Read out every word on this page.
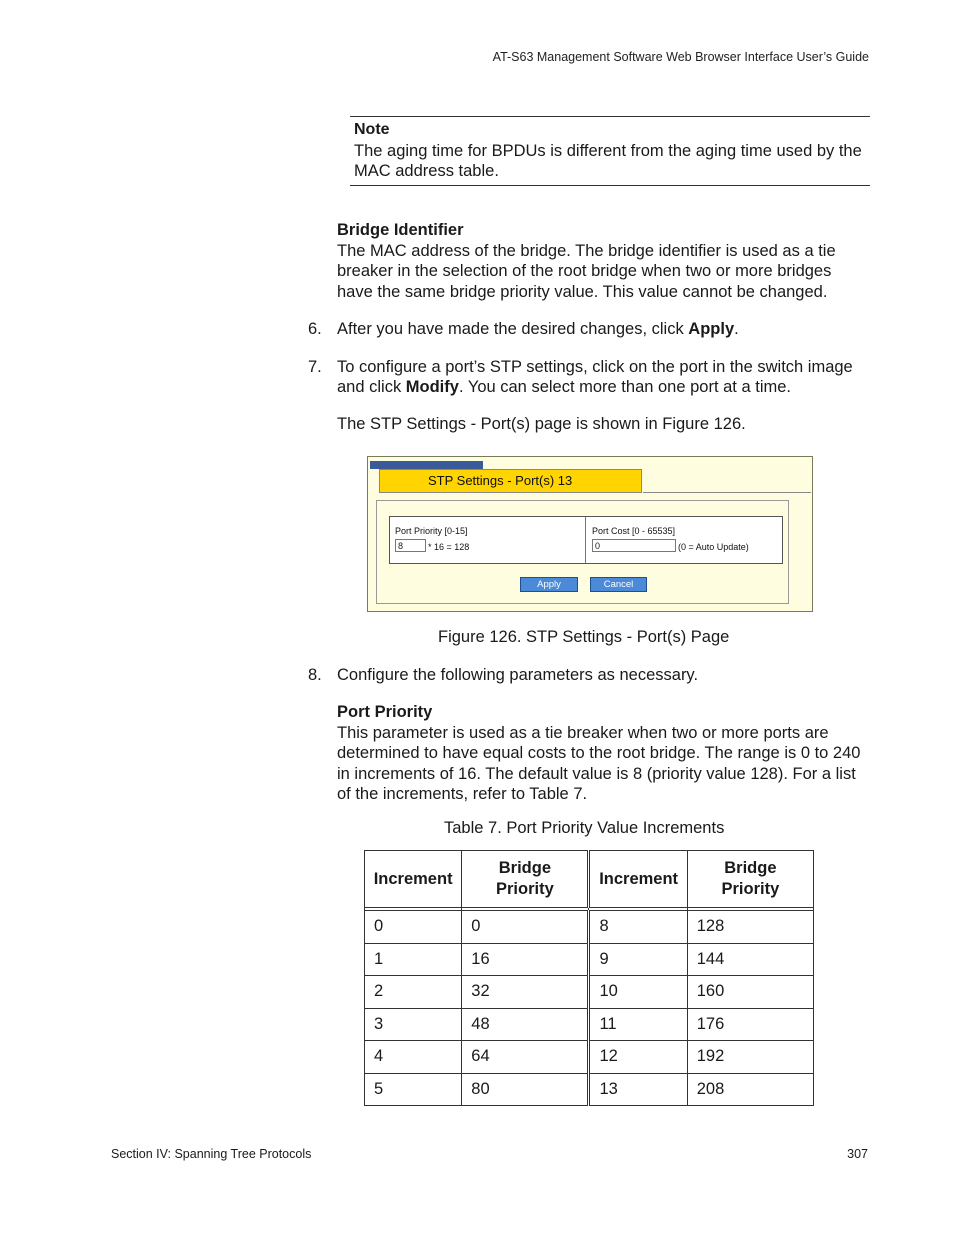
AT-S63 Management Software Web Browser Interface User’s Guide
Note
The aging time for BPDUs is different from the aging time used by the MAC address table.
Bridge Identifier
The MAC address of the bridge. The bridge identifier is used as a tie breaker in the selection of the root bridge when two or more bridges have the same bridge priority value. This value cannot be changed.
6. After you have made the desired changes, click Apply.
7. To configure a port’s STP settings, click on the port in the switch image and click Modify. You can select more than one port at a time.
The STP Settings - Port(s) page is shown in Figure 126.
STP Settings - Port(s) 13
Port Priority [0-15]
8	* 16 = 128
Port Cost [0 - 65535]
0	(0 = Auto Update)
Apply	Cancel
Figure 126. STP Settings - Port(s) Page
8. Configure the following parameters as necessary.
Port Priority
This parameter is used as a tie breaker when two or more ports are determined to have equal costs to the root bridge. The range is 0 to 240 in increments of 16. The default value is 8 (priority value 128). For a list of the increments, refer to Table 7.
Table 7. Port Priority Value Increments
Increment	Bridge Priority	Increment	Bridge Priority

0	0	8	128
1	16	9	144
2	32	10	160
3	48	11	176
4	64	12	192
5	80	13	208
Section IV: Spanning Tree Protocols	307
